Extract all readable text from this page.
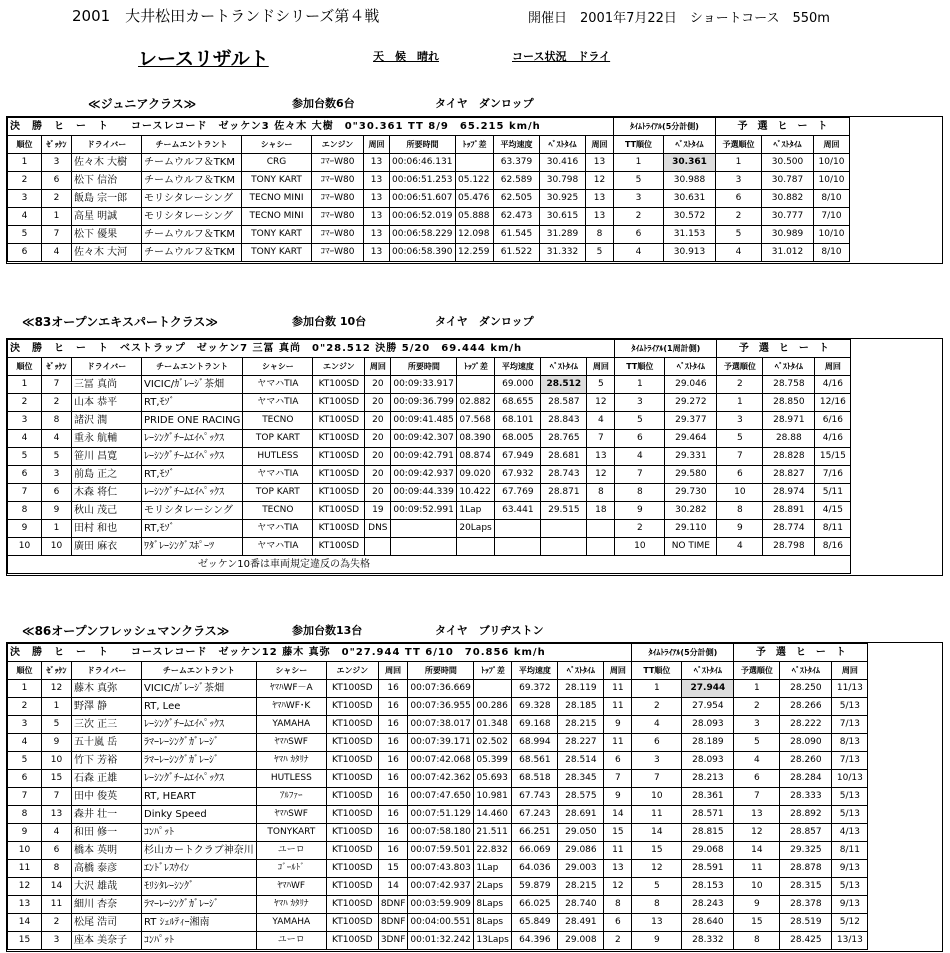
2001　大井松田カートランドシリーズ第４戦	開催日　2001年7月22日　ショートコース　550m
レースリザルト	天　候　晴れ	コース状況　ドライ
≪ジュニアクラス≫	参加台数6台	タイヤ　ダンロップ
決　勝　ヒ　ー　ト　　コースレコード　ゼッケン3 佐々木 大樹　0"30.361 TT 8/9　65.215 km/h												ﾀｲﾑﾄﾗｲｱﾙ(5分計側)		予　選　ヒ　ー　ト		
順位	ｾﾞｯｹﾝ	ドライバー	チームエントラント	シャシー	エンジン	周回	所要時間	ﾄｯﾌﾟ差	平均速度	ﾍﾞｽﾄﾀｲﾑ	周回	TT順位	ﾍﾞｽﾄﾀｲﾑ	予選順位	ﾍﾞｽﾄﾀｲﾑ	周回
1	3	佐々木 大樹	チームウルフ＆TKM	CRG	ｺﾏｰW80	13	00:06:46.131		63.379	30.416	13	1	30.361	1	30.500	10/10
2	6	松下 信治	チームウルフ＆TKM	TONY KART	ｺﾏｰW80	13	00:06:51.253	05.122	62.589	30.798	12	5	30.988	3	30.787	10/10
3	2	飯島 宗一郎	モリシタレーシング	TECNO MINI	ｺﾏｰW80	13	00:06:51.607	05.476	62.505	30.925	13	3	30.631	6	30.882	8/10
4	1	高星 明誠	モリシタレーシング	TECNO MINI	ｺﾏｰW80	13	00:06:52.019	05.888	62.473	30.615	13	2	30.572	2	30.777	7/10
5	7	松下 優果	チームウルフ＆TKM	TONY KART	ｺﾏｰW80	13	00:06:58.229	12.098	61.545	31.289	8	6	31.153	5	30.989	10/10
6	4	佐々木 大河	チームウルフ＆TKM	TONY KART	ｺﾏｰW80	13	00:06:58.390	12.259	61.522	31.332	5	4	30.913	4	31.012	8/10
≪83オープンエキスパートクラス≫	参加台数 10台	タイヤ　ダンロップ
決　勝　ヒ　ー　ト　ベストラップ　ゼッケン7 三冨 真尚　0"28.512 決勝 5/20　69.444 km/h												ﾀｲﾑﾄﾗｲｱﾙ(1周計側)		予　選　ヒ　ー　ト		
順位	ｾﾞｯｹﾝ	ドライバー	チームエントラント	シャシー	エンジン	周回	所要時間	ﾄｯﾌﾟ差	平均速度	ﾍﾞｽﾄﾀｲﾑ	周回	TT順位	ﾍﾞｽﾄﾀｲﾑ	予選順位	ﾍﾞｽﾄﾀｲﾑ	周回
1	7	三冨 真尚	VICIC/ｶﾞﾚｰｼﾞ茶畑	ヤマハTIA	KT100SD	20	00:09:33.917		69.000	28.512	5	1	29.046	2	28.758	4/16
2	2	山本 恭平	RT,ﾓｿﾞ	ヤマハTIA	KT100SD	20	00:09:36.799	02.882	68.655	28.587	12	3	29.272	1	28.850	12/16
3	8	諸沢 潤	PRIDE ONE RACING	TECNO	KT100SD	20	00:09:41.485	07.568	68.101	28.843	4	5	29.377	3	28.971	6/16
4	4	重永 航輔	ﾚｰｼﾝｸﾞﾁｰﾑｴｲﾍﾟｯｸｽ	TOP KART	KT100SD	20	00:09:42.307	08.390	68.005	28.765	7	6	29.464	5	28.88	4/16
5	5	笹川 昌寛	ﾚｰｼﾝｸﾞﾁｰﾑｴｲﾍﾟｯｸｽ	HUTLESS	KT100SD	20	00:09:42.791	08.874	67.949	28.681	13	4	29.331	7	28.828	15/15
6	3	前島 正之	RT,ﾓｿﾞ	ヤマハTIA	KT100SD	20	00:09:42.937	09.020	67.932	28.743	12	7	29.580	6	28.827	7/16
7	6	木森 将仁	ﾚｰｼﾝｸﾞﾁｰﾑｴｲﾍﾟｯｸｽ	TOP KART	KT100SD	20	00:09:44.339	10.422	67.769	28.871	8	8	29.730	10	28.974	5/11
8	9	秋山 茂己	モリシタレーシング	TECNO	KT100SD	19	00:09:52.991	1Lap	63.441	29.515	18	9	30.282	8	28.891	4/15
9	1	田村 和也	RT,ﾓｿﾞ	ヤマハTIA	KT100SD	DNS		20Laps				2	29.110	9	28.774	8/11
10	10	廣田 麻衣	ﾜﾀﾞﾚｰｼﾝｸﾞｽﾎﾟｰﾂ	ヤマハTIA	KT100SD							10	NO TIME	4	28.798	8/16
ゼッケン10番は車両規定違反の為失格																
≪86オープンフレッシュマンクラス≫	参加台数13台	タイヤ　ブリヂストン
決　勝　ヒ　ー　ト　　コースレコード　ゼッケン12 藤木 真弥　0"27.944 TT 6/10　70.856 km/h												ﾀｲﾑﾄﾗｲｱﾙ(5分計側)		予　選　ヒ　ー　ト		
順位	ｾﾞｯｹﾝ	ドライバー	チームエントラント	シャシー	エンジン	周回	所要時間	ﾄｯﾌﾟ差	平均速度	ﾍﾞｽﾄﾀｲﾑ	周回	TT順位	ﾍﾞｽﾄﾀｲﾑ	予選順位	ﾍﾞｽﾄﾀｲﾑ	周回
1	12	藤木 真弥	VICIC/ｶﾞﾚｰｼﾞ茶畑	ﾔﾏﾊWF－A	KT100SD	16	00:07:36.669		69.372	28.119	11	1	27.944	1	28.250	11/13
2	1	野澤 静	RT, Lee	ﾔﾏﾊWF･K	KT100SD	16	00:07:36.955	00.286	69.328	28.185	11	2	27.954	2	28.266	5/13
3	5	三次 正三	ﾚｰｼﾝｸﾞﾁｰﾑｴｲﾍﾟｯｸｽ	YAMAHA	KT100SD	16	00:07:38.017	01.348	69.168	28.215	9	4	28.093	3	28.222	7/13
4	9	五十嵐 岳	ﾗﾏｰﾚｰｼﾝｸﾞｶﾞﾚｰｼﾞ	ﾔﾏﾊSWF	KT100SD	16	00:07:39.171	02.502	68.994	28.227	11	6	28.189	5	28.090	8/13
5	10	竹下 芳裕	ﾗﾏｰﾚｰｼﾝｸﾞｶﾞﾚｰｼﾞ	ﾔﾏﾊ ｶﾀﾘﾅ	KT100SD	16	00:07:42.068	05.399	68.561	28.514	6	3	28.093	4	28.260	7/13
6	15	石森 正雄	ﾚｰｼﾝｸﾞﾁｰﾑｴｲﾍﾟｯｸｽ	HUTLESS	KT100SD	16	00:07:42.362	05.693	68.518	28.345	7	7	28.213	6	28.284	10/13
7	7	田中 俊英	RT, HEART	ｱﾙﾌｧｰ	KT100SD	16	00:07:47.650	10.981	67.743	28.575	9	10	28.361	7	28.333	5/13
8	13	森井 壮一	Dinky Speed	ﾔﾏﾊSWF	KT100SD	16	00:07:51.129	14.460	67.243	28.691	14	11	28.571	13	28.892	5/13
9	4	和田 修一	ｺﾝﾊﾟｯﾄ	TONYKART	KT100SD	16	00:07:58.180	21.511	66.251	29.050	15	14	28.815	12	28.857	4/13
10	6	橋本 英明	杉山カートクラブ神奈川	ユーロ	KT100SD	16	00:07:59.501	22.832	66.069	29.086	11	15	29.068	14	29.325	8/11
11	8	高橋 泰彦	ｴﾝﾄﾞﾚｽｳｲﾝ	ｺﾞｰﾙﾄﾞ	KT100SD	15	00:07:43.803	1Lap	64.036	29.003	13	12	28.591	11	28.878	9/13
12	14	大沢 雄哉	ﾓﾘｼﾀﾚｰｼﾝｸﾞ	ﾔﾏﾊWF	KT100SD	14	00:07:42.937	2Laps	59.879	28.215	12	5	28.153	10	28.315	5/13
13	11	細川 杏奈	ﾗﾏｰﾚｰｼﾝｸﾞｶﾞﾚｰｼﾞ	ﾔﾏﾊ ｶﾀﾘﾅ	KT100SD	8DNF	00:03:59.909	8Laps	66.025	28.740	8	8	28.243	9	28.378	9/13
14	2	松尾 浩司	RT ｼｪﾙﾃｨｰ湘南	YAMAHA	KT100SD	8DNF	00:04:00.551	8Laps	65.849	28.491	6	13	28.640	15	28.519	5/12
15	3	座本 美奈子	ｺﾝﾊﾟｯﾄ	ユーロ	KT100SD	3DNF	00:01:32.242	13Laps	64.396	29.008	2	9	28.332	8	28.425	13/13
